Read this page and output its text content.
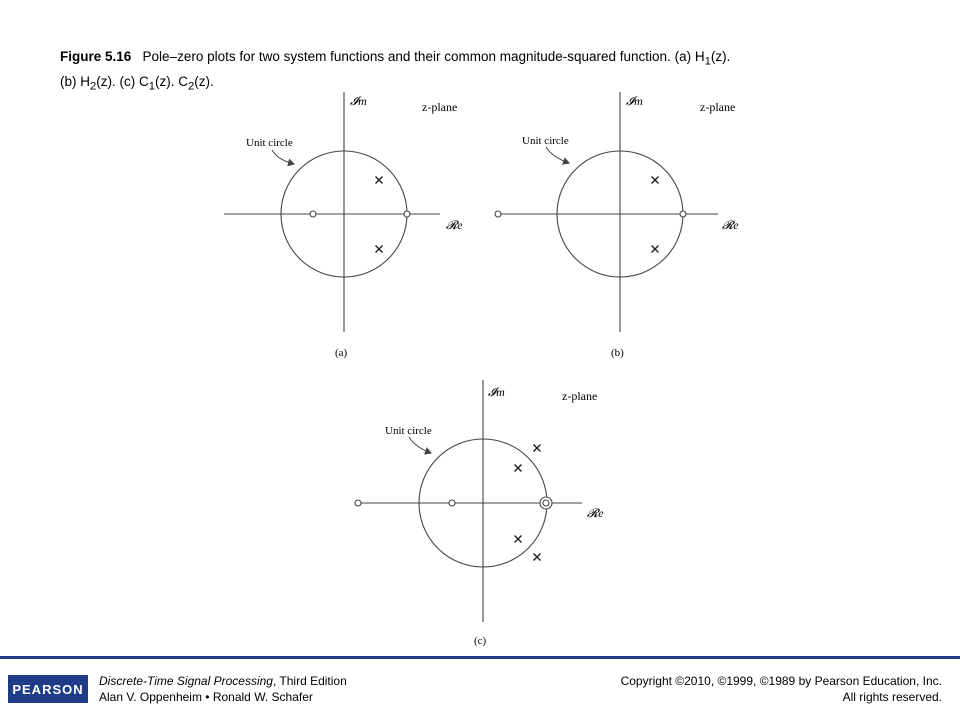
Figure 5.16 Pole–zero plots for two system functions and their common magnitude-squared function. (a) $H_1(z)$.
(b) $H_2(z)$. (c) $C_1(z)$. $C_2(z)$.
Unit circle
𝓘m	z-plane
𝓡e
(a)
Unit circle
𝓘m	z-plane
𝓡e
(b)
Unit circle
𝓘m	z-plane
𝓡e
(c)
PEARSON
Discrete-Time Signal Processing, Third Edition
Alan V. Oppenheim • Ronald W. Schafer
Copyright ©2010, ©1999, ©1989 by Pearson Education, Inc.
All rights reserved.
